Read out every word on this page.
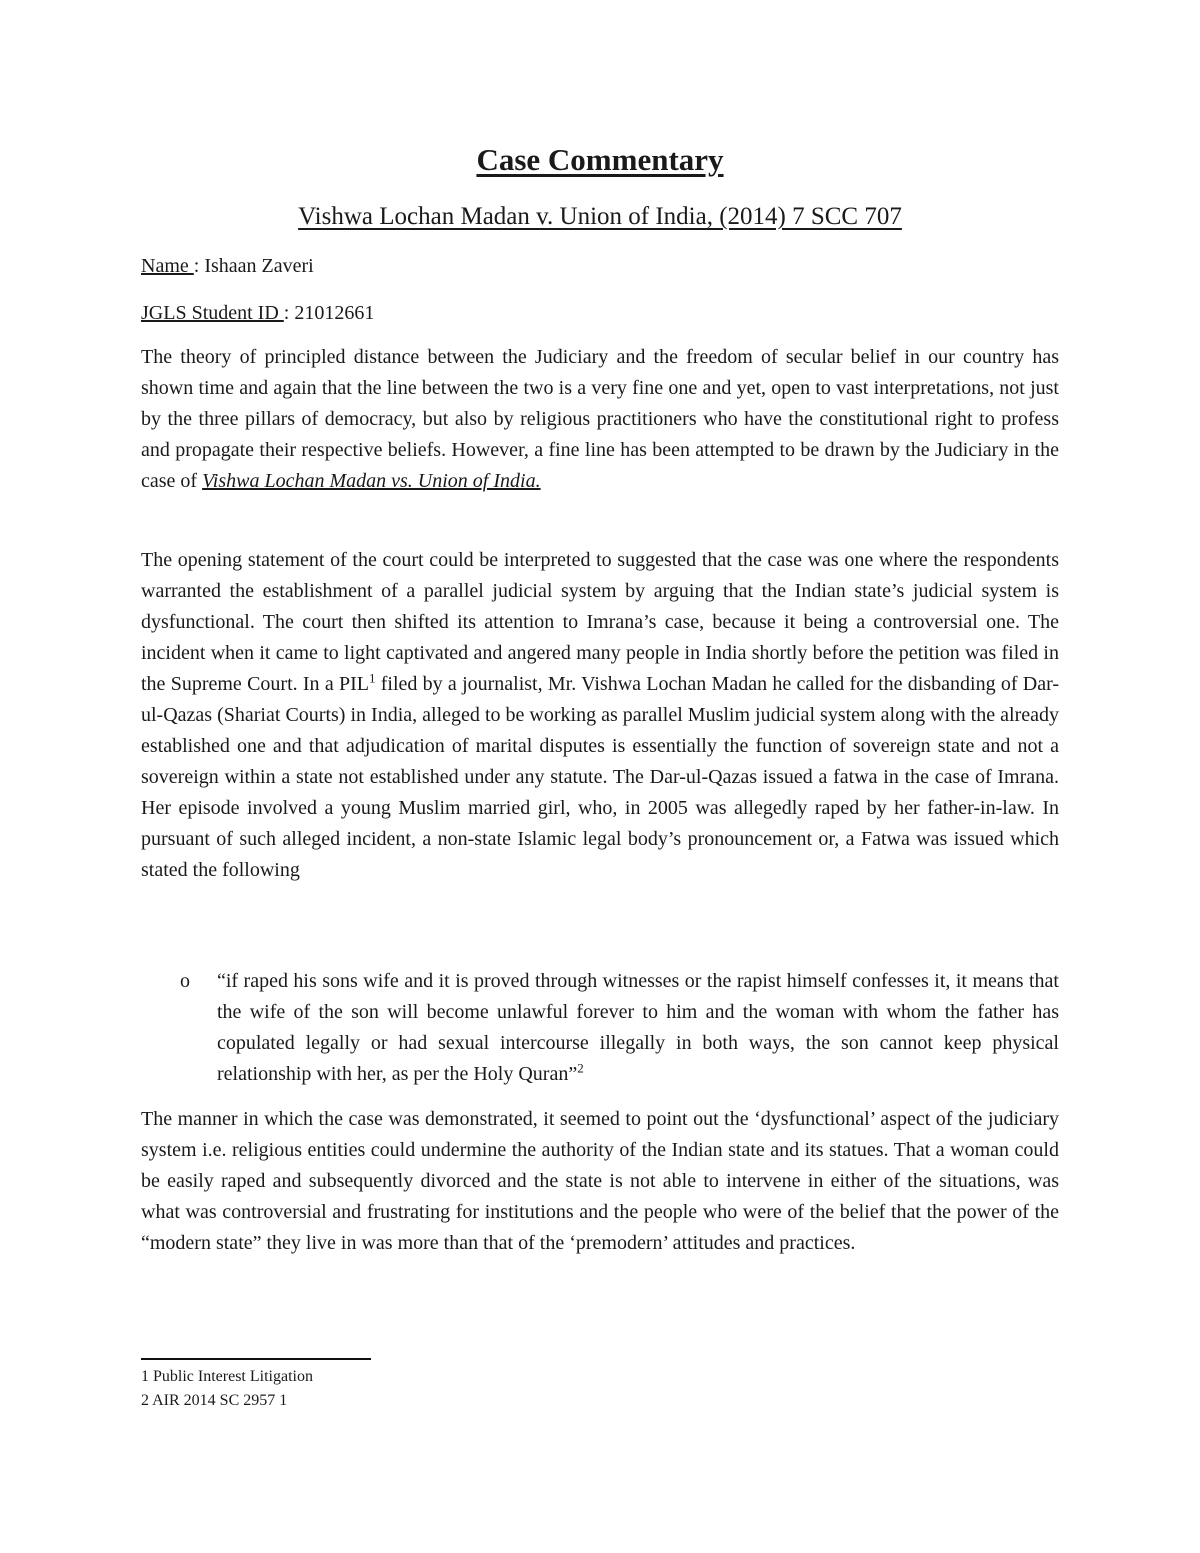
Case Commentary
Vishwa Lochan Madan v. Union of India, (2014) 7 SCC 707
Name : Ishaan Zaveri
JGLS Student ID : 21012661

The theory of principled distance between the Judiciary and the freedom of secular belief in our country has shown time and again that the line between the two is a very fine one and yet, open to vast interpretations, not just by the three pillars of democracy, but also by religious practitioners who have the constitutional right to profess and propagate their respective beliefs. However, a fine line has been attempted to be drawn by the Judiciary in the case of Vishwa Lochan Madan vs. Union of India.

The opening statement of the court could be interpreted to suggested that the case was one where the respondents warranted the establishment of a parallel judicial system by arguing that the Indian state’s judicial system is dysfunctional. The court then shifted its attention to Imrana’s case, because it being a controversial one. The incident when it came to light captivated and angered many people in India shortly before the petition was filed in the Supreme Court. In a PIL$^1$ filed by a journalist, Mr. Vishwa Lochan Madan he called for the disbanding of Dar-ul-Qazas (Shariat Courts) in India, alleged to be working as parallel Muslim judicial system along with the already established one and that adjudication of marital disputes is essentially the function of sovereign state and not a sovereign within a state not established under any statute. The Dar-ul-Qazas issued a fatwa in the case of Imrana. Her episode involved a young Muslim married girl, who, in 2005 was allegedly raped by her father-in-law. In pursuant of such alleged incident, a non-state Islamic legal body’s pronouncement or, a Fatwa was issued which stated the following

o	“if raped his sons wife and it is proved through witnesses or the rapist himself confesses it, it means that the wife of the son will become unlawful forever to him and the woman with whom the father has copulated legally or had sexual intercourse illegally in both ways, the son cannot keep physical relationship with her, as per the Holy Quran”$^2$

The manner in which the case was demonstrated, it seemed to point out the ‘dysfunctional’ aspect of the judiciary system i.e. religious entities could undermine the authority of the Indian state and its statues. That a woman could be easily raped and subsequently divorced and the state is not able to intervene in either of the situations, was what was controversial and frustrating for institutions and the people who were of the belief that the power of the “modern state” they live in was more than that of the ‘premodern’ attitudes and practices.

1 Public Interest Litigation
2 AIR 2014 SC 2957 1
